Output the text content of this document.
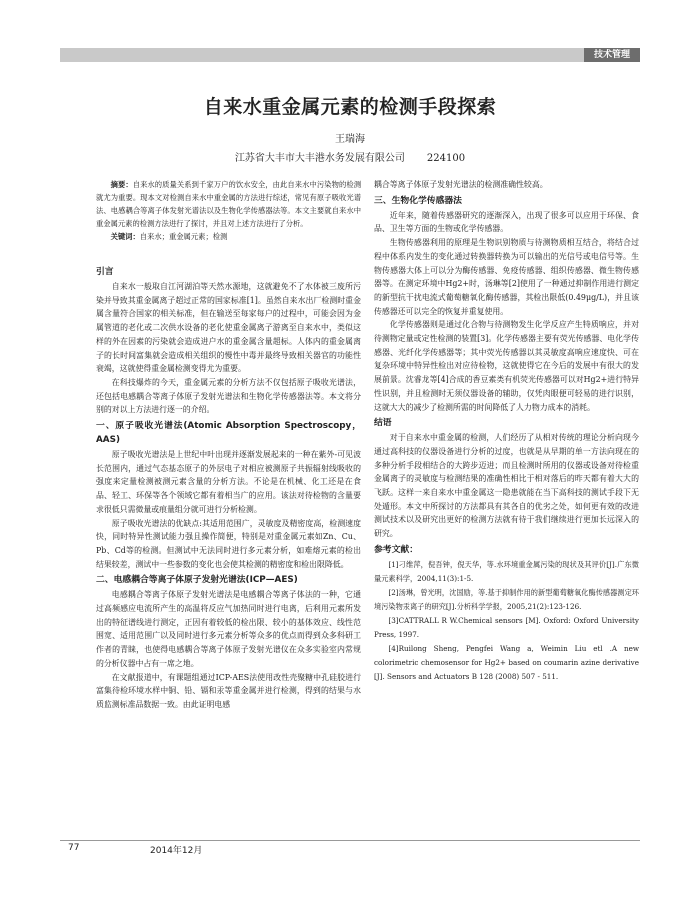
技术管理
自来水重金属元素的检测手段探索
王瑞海
江苏省大丰市大丰港水务发展有限公司 224100

摘要：自来水的质量关系到千家万户的饮水安全，由此自来水中污染物的检测就尤为重要。现本文对检测自来水中重金属的方法进行综述，常见有原子吸收光谱法、电感耦合等离子体发射光谱法以及生物化学传感器法等。本文主要就自来水中重金属元素的检测方法进行了探讨，并且对上述方法进行了分析。

关键词：自来水；重金属元素；检测

引言

自来水一般取自江河湖泊等天然水源地，这就避免不了水体被三废所污染并导致其重金属离子超过正常的国家标准[1]。虽然自来水出厂检测时重金属含量符合国家的相关标准，但在输送至每家每户的过程中，可能会因为金属管道的老化或二次供水设备的老化使重金属离子游离至自来水中，类似这样的外在因素的污染就会造成进户水的重金属含量超标。人体内的重金属离子的长时间富集就会造成相关组织的慢性中毒并最终导致相关器官的功能性衰竭，这就使得重金属检测变得尤为重要。

在科技爆炸的今天，重金属元素的分析方法不仅包括原子吸收光谱法，还包括电感耦合等离子体原子发射光谱法和生物化学传感器法等。本文将分别的对以上方法进行逐一的介绍。

一、原子吸收光谱法(Atomic Absorption Spectroscopy，AAS)

原子吸收光谱法是上世纪中叶出现并逐渐发展起来的一种在紫外-可见波长范围内，通过气态基态原子的外层电子对相应被测原子共振辐射线吸收的强度来定量检测被测元素含量的分析方法。不论是在机械、化工还是在食品、轻工、环保等各个领域它都有着相当广的应用。该法对待检物的含量要求很低只需微量或痕量组分就可进行分析检测。

原子吸收光谱法的优缺点:其适用范围广，灵敏度及精密度高，检测速度快，同时特异性测试能力强且操作简便，特别是对重金属元素如Zn、Cu、Pb、Cd等的检测。但测试中无法同时进行多元素分析，如难熔元素的检出结果较差，测试中一些参数的变化也会使其检测的精密度和检出限降低。

二、电感耦合等离子体原子发射光谱法(ICP—AES)

电感耦合等离子体原子发射光谱法是电感耦合等离子体法的一种，它通过高频感应电流所产生的高温将反应气加热同时进行电离，后利用元素所发出的特征谱线进行测定，正因有着较低的检出限、较小的基体效应、线性范围宽、适用范围广以及同时进行多元素分析等众多的优点而得到众多科研工作者的青睐，也使得电感耦合等离子体原子发射光谱仪在众多实验室内常规的分析仪器中占有一席之地。

在文献报道中，有课题组通过ICP-AES法使用改性壳聚糖中孔硅胶进行富集待检环境水样中铜、铅、镉和汞等重金属并进行检测，得到的结果与水质监测标准品数据一致。由此证明电感

耦合等离子体原子发射光谱法的检测准确性较高。

三、生物化学传感器法

近年来，随着传感器研究的逐渐深入，出现了很多可以应用于环保、食品、卫生等方面的生物或化学传感器。

生物传感器利用的原理是生物识别物质与待测物质相互结合，将结合过程中体系内发生的变化通过转换器转换为可以输出的光信号或电信号等。生物传感器大体上可以分为酶传感器、免疫传感器、组织传感器、微生物传感器等。在测定环境中Hg2+时，汤琳等[2]使用了一种通过抑制作用进行测定的新型抗干扰电流式葡萄糖氧化酶传感器，其检出限低(0.49μg/L)，并且该传感器还可以完全的恢复并重复使用。

化学传感器则是通过化合物与待测物发生化学反应产生特质响应，并对待测物定量或定性检测的装置[3]。化学传感器主要有荧光传感器、电化学传感器、光纤化学传感器等；其中荧光传感器以其灵敏度高响应速度快、可在复杂环境中特异性检出对应待检物，这就使得它在今后的发展中有很大的发展前景。沈睿龙等[4]合成的香豆素类有机荧光传感器可以对Hg2+进行特异性识别，并且检测时无须仪器设备的辅助，仅凭肉眼便可轻易的进行识别，这就大大的减少了检测所需的时间降低了人力物力成本的消耗。

结语

对于自来水中重金属的检测，人们经历了从相对传统的理论分析向现今通过高科技的仪器设备进行分析的过度，也就是从早期的单一方法向现在的多种分析手段相结合的大跨步迈进；而且检测时所用的仪器或设备对待检重金属离子的灵敏度与检测结果的准确性相比于相对落后的昨天都有着大大的飞跃。这样一来自来水中重金属这一隐患就能在当下高科技的测试手段下无处遁形。本文中所探讨的方法都具有其各自的优劣之处，如何更有效的改进测试技术以及研究出更好的检测方法就有待于我们继续进行更加长远深入的研究。

参考文献：

[1]刁维萍，倪吾钟，倪天华，等.水环境重金属污染的现状及其评价[J].广东微量元素科学，2004,11(3):1-5.

[2]汤琳，曾光明，沈国励，等.基于抑制作用的新型葡萄糖氧化酶传感器测定环境污染物汞离子的研究[J].分析科学学报，2005,21(2):123-126.

[3]CATTRALL R W.Chemical sensors [M]. Oxford: Oxford University Press, 1997.

[4]Ruilong Sheng, Pengfei Wang a, Weimin Liu etl .A new colorimetric chemosensor for Hg2+ based on coumarin azine derivative [J]. Sensors and Actuators B 128 (2008) 507 - 511.

77	2014年12月
